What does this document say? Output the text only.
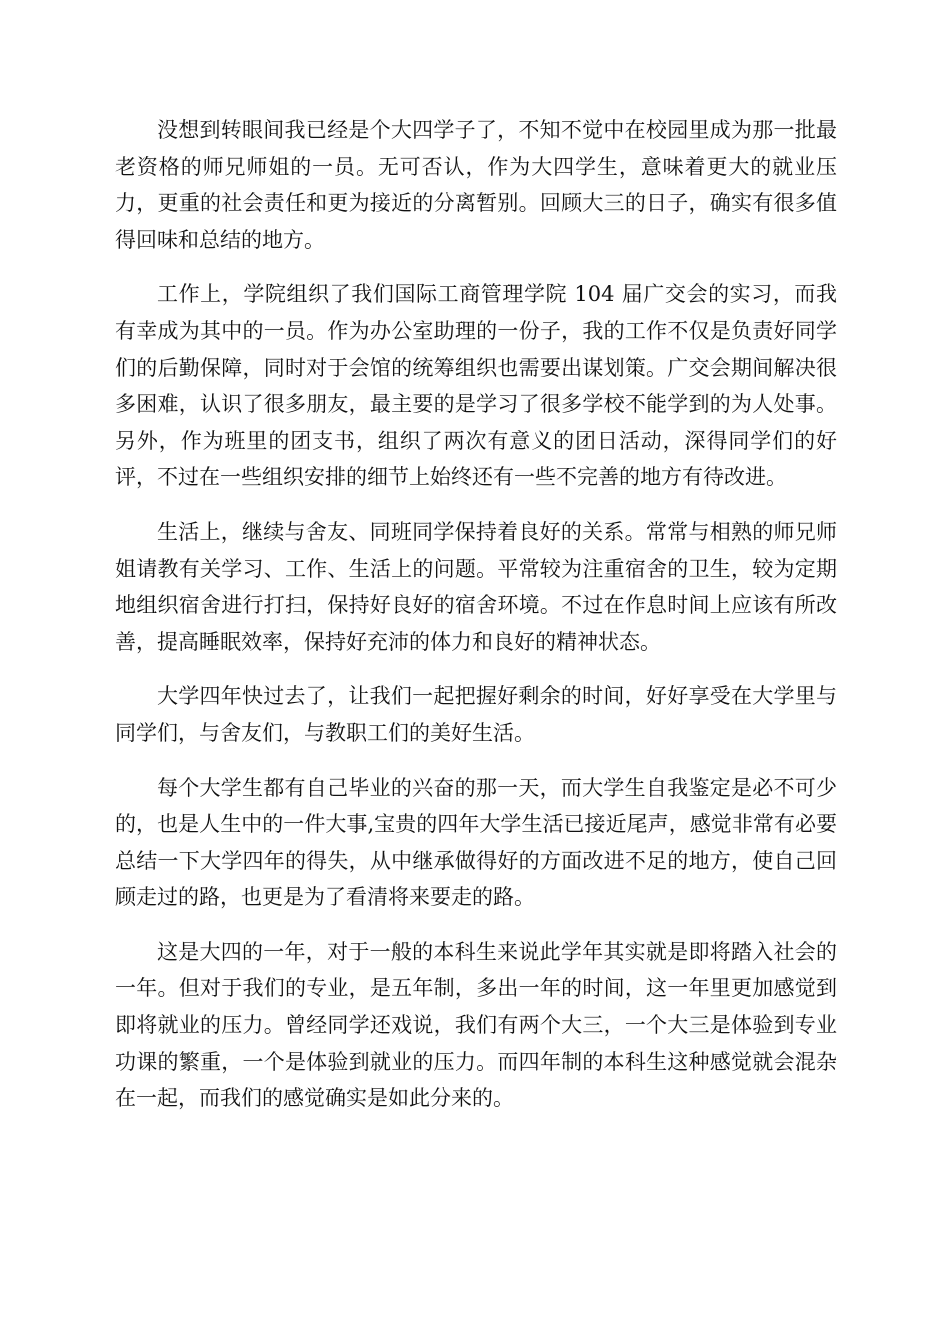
没想到转眼间我已经是个大四学子了，不知不觉中在校园里成为那一批最老资格的师兄师姐的一员。无可否认，作为大四学生，意味着更大的就业压力，更重的社会责任和更为接近的分离暂别。回顾大三的日子，确实有很多值得回味和总结的地方。

工作上，学院组织了我们国际工商管理学院 104 届广交会的实习，而我有幸成为其中的一员。作为办公室助理的一份子，我的工作不仅是负责好同学们的后勤保障，同时对于会馆的统筹组织也需要出谋划策。广交会期间解决很多困难，认识了很多朋友，最主要的是学习了很多学校不能学到的为人处事。另外，作为班里的团支书，组织了两次有意义的团日活动，深得同学们的好评，不过在一些组织安排的细节上始终还有一些不完善的地方有待改进。

生活上，继续与舍友、同班同学保持着良好的关系。常常与相熟的师兄师姐请教有关学习、工作、生活上的问题。平常较为注重宿舍的卫生，较为定期地组织宿舍进行打扫，保持好良好的宿舍环境。不过在作息时间上应该有所改善，提高睡眠效率，保持好充沛的体力和良好的精神状态。

大学四年快过去了，让我们一起把握好剩余的时间，好好享受在大学里与同学们，与舍友们，与教职工们的美好生活。

每个大学生都有自己毕业的兴奋的那一天，而大学生自我鉴定是必不可少的，也是人生中的一件大事,宝贵的四年大学生活已接近尾声，感觉非常有必要总结一下大学四年的得失，从中继承做得好的方面改进不足的地方，使自己回顾走过的路，也更是为了看清将来要走的路。

这是大四的一年，对于一般的本科生来说此学年其实就是即将踏入社会的一年。但对于我们的专业，是五年制，多出一年的时间，这一年里更加感觉到即将就业的压力。曾经同学还戏说，我们有两个大三，一个大三是体验到专业功课的繁重，一个是体验到就业的压力。而四年制的本科生这种感觉就会混杂在一起，而我们的感觉确实是如此分来的。
